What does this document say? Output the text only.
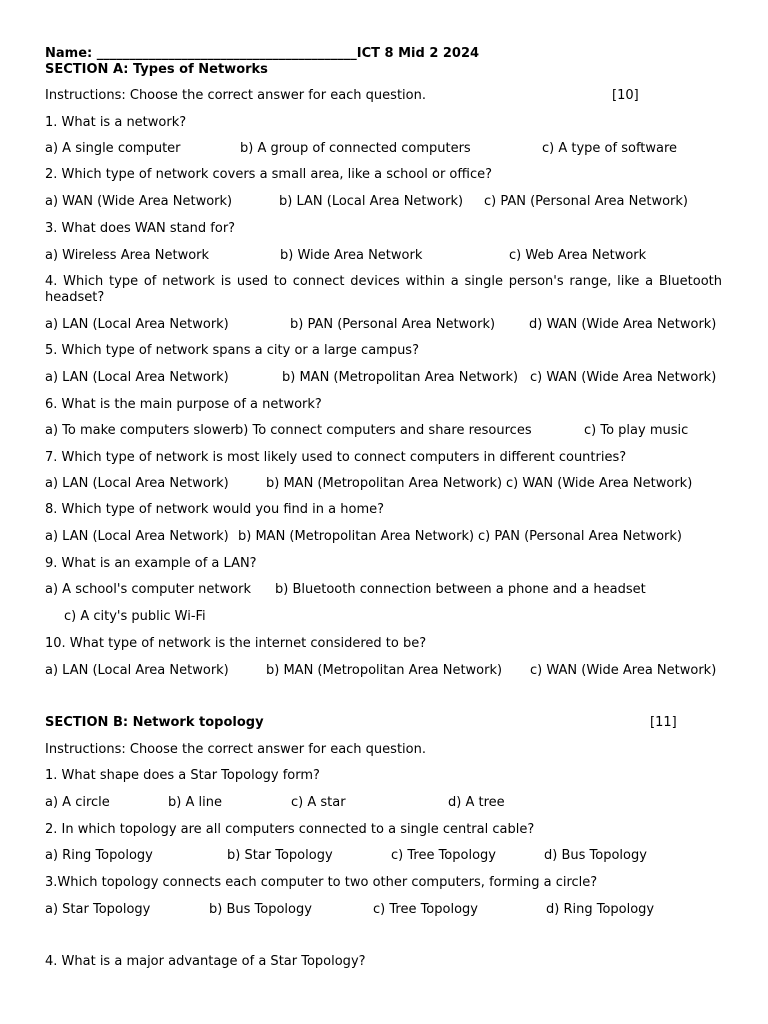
Name: ________________________________________ICT 8 Mid 2 2024
SECTION A: Types of Networks
Instructions: Choose the correct answer for each question.	[10]
1. What is a network?
a) A single computer	b) A group of connected computers	c) A type of software
2. Which type of network covers a small area, like a school or office?
a) WAN (Wide Area Network)	b) LAN (Local Area Network) c) PAN (Personal Area Network)
3. What does WAN stand for?
a) Wireless Area Network	b) Wide Area Network	c) Web Area Network
4. Which type of network is used to connect devices within a single person's range, like a Bluetooth headset?
a) LAN (Local Area Network)	b) PAN (Personal Area Network)	d) WAN (Wide Area Network)
5. Which type of network spans a city or a large campus?
a) LAN (Local Area Network)	b) MAN (Metropolitan Area Network) c) WAN (Wide Area Network)
6. What is the main purpose of a network?
a) To make computers slower b) To connect computers and share resources	c) To play music
7. Which type of network is most likely used to connect computers in different countries?
a) LAN (Local Area Network)	b) MAN (Metropolitan Area Network) c) WAN (Wide Area Network)
8. Which type of network would you find in a home?
a) LAN (Local Area Network) b) MAN (Metropolitan Area Network) c) PAN (Personal Area Network)
9. What is an example of a LAN?
a) A school's computer network b) Bluetooth connection between a phone and a headset
c) A city's public Wi-Fi
10. What type of network is the internet considered to be?
a) LAN (Local Area Network)	b) MAN (Metropolitan Area Network) c) WAN (Wide Area Network)
SECTION B: Network topology	[11]
Instructions: Choose the correct answer for each question.
1. What shape does a Star Topology form?
a) A circle	b) A line	c) A star	d) A tree
2. In which topology are all computers connected to a single central cable?
a) Ring Topology	b) Star Topology	c) Tree Topology	d) Bus Topology
3.Which topology connects each computer to two other computers, forming a circle?
a) Star Topology	b) Bus Topology	c) Tree Topology	d) Ring Topology
4. What is a major advantage of a Star Topology?
